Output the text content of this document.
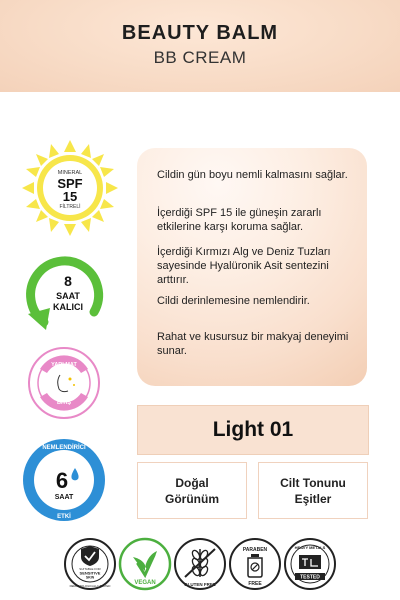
BEAUTY BALM
BB CREAM
MINERAL
SPF
15
FİLTRELİ
8
SAAT
KALICI
YARI MAT
BİTİŞ
NEMLENDİRİCİ
6
SAAT
ETKİ

Cildin gün boyu nemli kalmasını sağlar.

İçerdiği SPF 15 ile güneşin zararlı etkilerine karşı koruma sağlar.

İçerdiği Kırmızı Alg ve Deniz Tuzları sayesinde Hyalüronik Asit sentezini arttırır.

Cildi derinlemesine nemlendirir.

Rahat ve kusursuz bir makyaj deneyimi sunar.

Light 01
Doğal
Görünüm
Cilt Tonunu
Eşitler
SUITABLE FOR
SENSITIVE
SKIN
DERMATOLOGICALLY TESTED	VEGAN	GLUTEN FREE
PARABEN
FREE
HEAVY METALS
TESTED
